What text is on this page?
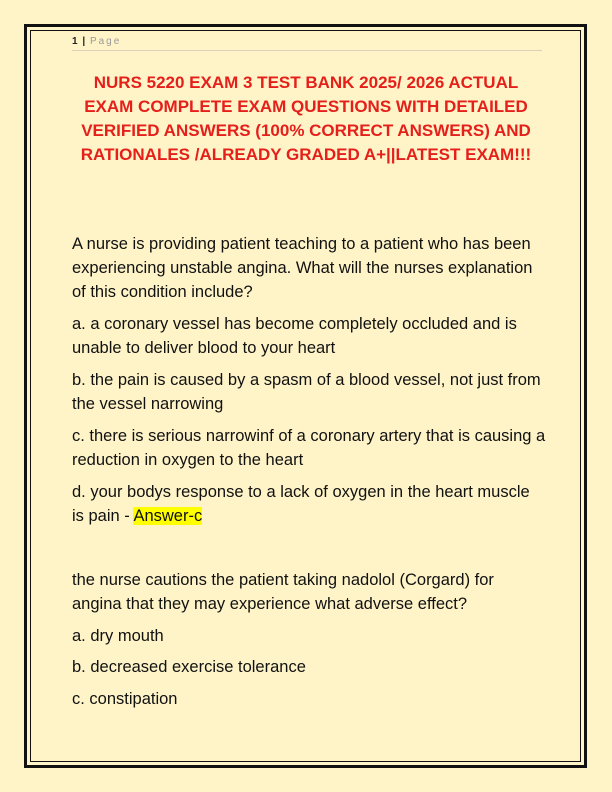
1 | Page
NURS 5220 EXAM 3 TEST BANK 2025/ 2026 ACTUAL EXAM COMPLETE EXAM QUESTIONS WITH DETAILED VERIFIED ANSWERS (100% CORRECT ANSWERS) AND RATIONALES /ALREADY GRADED A+||LATEST EXAM!!!

A nurse is providing patient teaching to a patient who has been experiencing unstable angina. What will the nurses explanation of this condition include?

a. a coronary vessel has become completely occluded and is unable to deliver blood to your heart

b. the pain is caused by a spasm of a blood vessel, not just from the vessel narrowing

c. there is serious narrowinf of a coronary artery that is causing a reduction in oxygen to the heart

d. your bodys response to a lack of oxygen in the heart muscle is pain - Answer-c

the nurse cautions the patient taking nadolol (Corgard) for angina that they may experience what adverse effect?

a. dry mouth

b. decreased exercise tolerance

c. constipation
